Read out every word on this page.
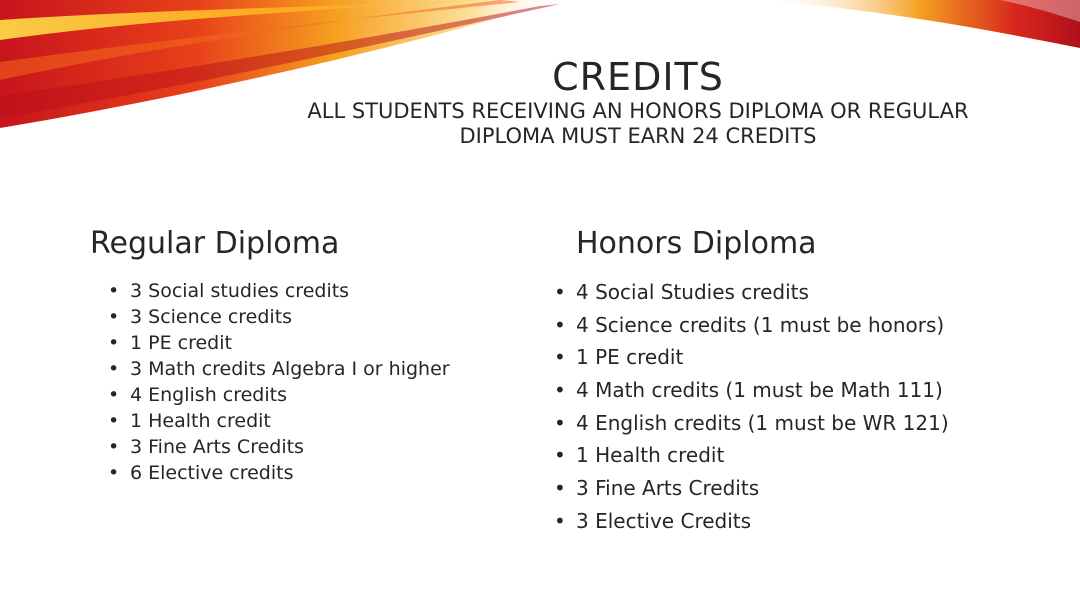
CREDITS
ALL STUDENTS RECEIVING AN HONORS DIPLOMA OR REGULAR
DIPLOMA MUST EARN 24 CREDITS
Regular Diploma
• 3 Social studies credits
• 3 Science credits
• 1 PE credit
• 3 Math credits Algebra I or higher
• 4 English credits
• 1 Health credit
• 3 Fine Arts Credits
• 6 Elective credits
Honors Diploma
• 4 Social Studies credits
• 4 Science credits (1 must be honors)
• 1 PE credit
• 4 Math credits (1 must be Math 111)
• 4 English credits (1 must be WR 121)
• 1 Health credit
• 3 Fine Arts Credits
• 3 Elective Credits
